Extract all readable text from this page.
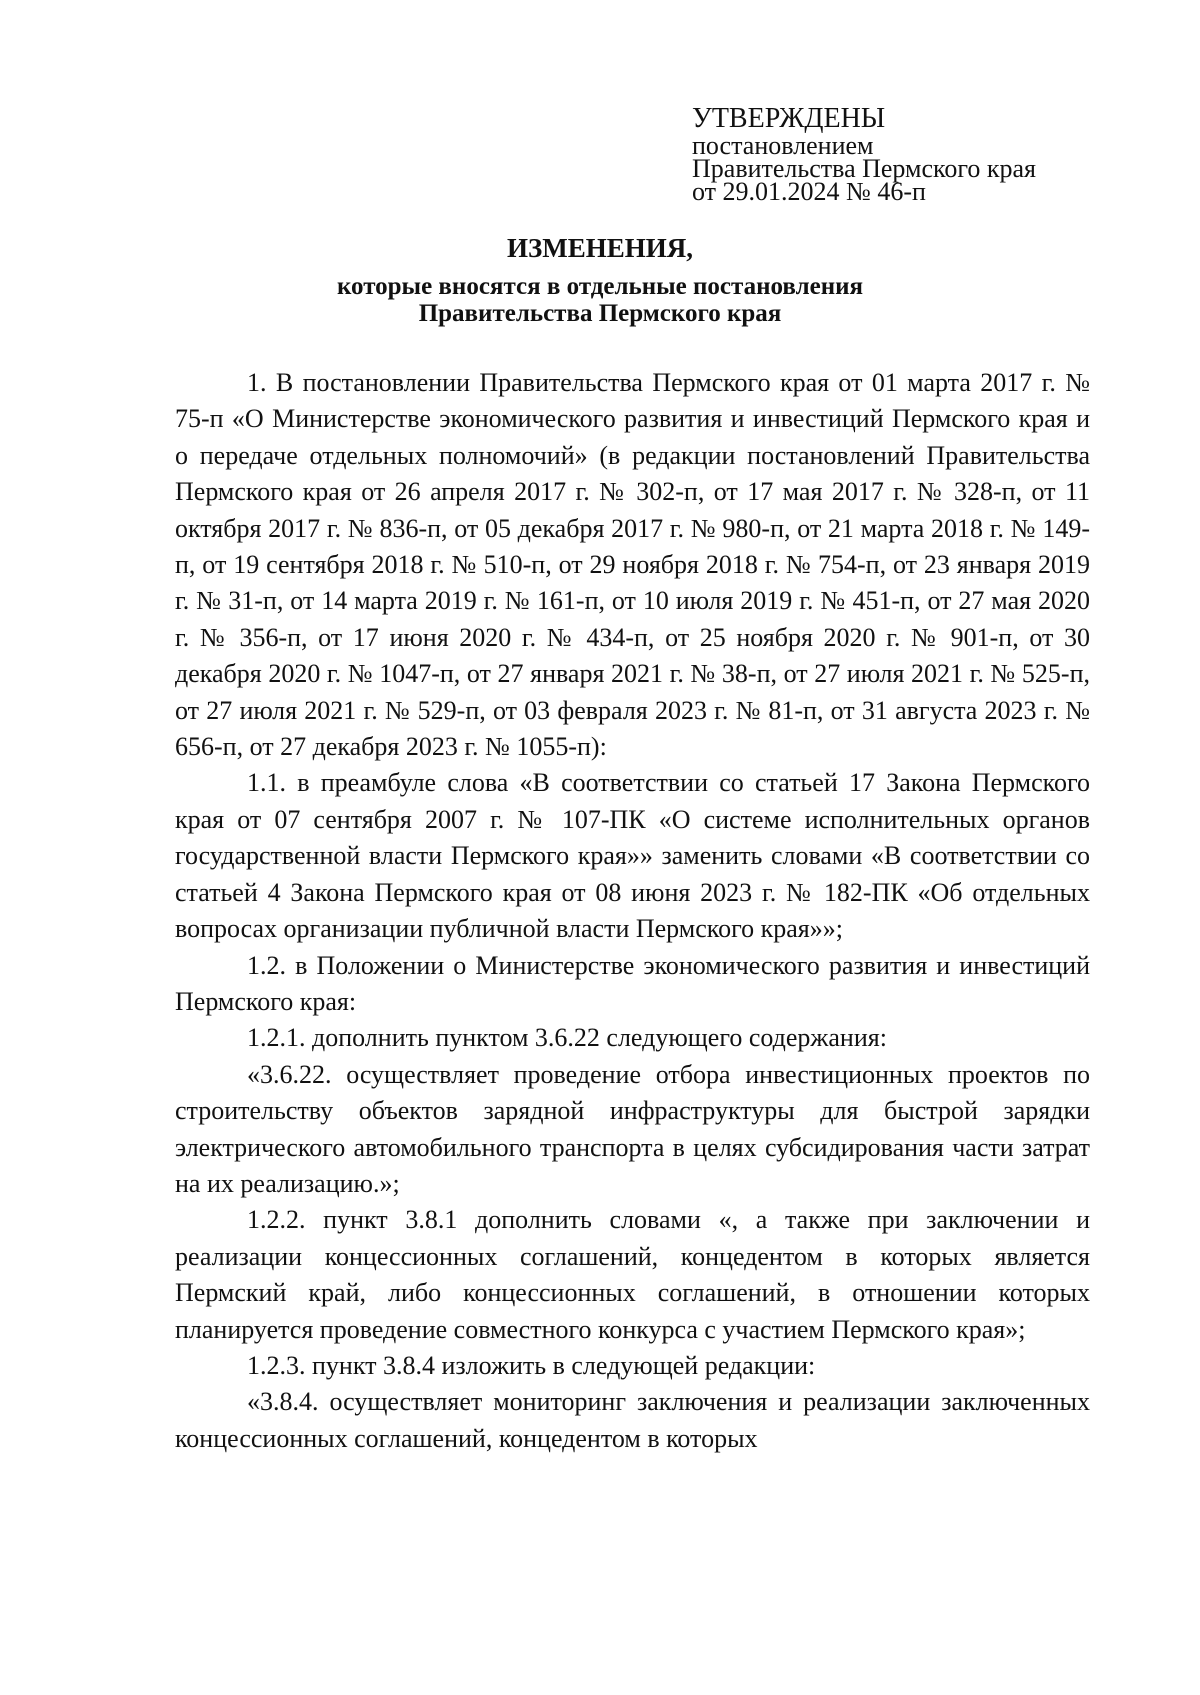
УТВЕРЖДЕНЫ
постановлением
Правительства Пермского края
от 29.01.2024 № 46-п
ИЗМЕНЕНИЯ,
которые вносятся в отдельные постановления
Правительства Пермского края

1. В постановлении Правительства Пермского края от 01 марта 2017 г. № 75-п «О Министерстве экономического развития и инвестиций Пермского края и о передаче отдельных полномочий» (в редакции постановлений Правительства Пермского края от 26 апреля 2017 г. № 302-п, от 17 мая 2017 г. № 328-п, от 11 октября 2017 г. № 836-п, от 05 декабря 2017 г. № 980-п, от 21 марта 2018 г. № 149-п, от 19 сентября 2018 г. № 510-п, от 29 ноября 2018 г. № 754-п, от 23 января 2019 г. № 31-п, от 14 марта 2019 г. № 161-п, от 10 июля 2019 г. № 451-п, от 27 мая 2020 г. № 356-п, от 17 июня 2020 г. № 434-п, от 25 ноября 2020 г. № 901-п, от 30 декабря 2020 г. № 1047-п, от 27 января 2021 г. № 38-п, от 27 июля 2021 г. № 525-п, от 27 июля 2021 г. № 529-п, от 03 февраля 2023 г. № 81-п, от 31 августа 2023 г. № 656-п, от 27 декабря 2023 г. № 1055-п):

1.1. в преамбуле слова «В соответствии со статьей 17 Закона Пермского края от 07 сентября 2007 г. № 107-ПК «О системе исполнительных органов государственной власти Пермского края»» заменить словами «В соответствии со статьей 4 Закона Пермского края от 08 июня 2023 г. № 182-ПК «Об отдельных вопросах организации публичной власти Пермского края»»;

1.2. в Положении о Министерстве экономического развития и инвестиций Пермского края:

1.2.1. дополнить пунктом 3.6.22 следующего содержания:

«3.6.22. осуществляет проведение отбора инвестиционных проектов по строительству объектов зарядной инфраструктуры для быстрой зарядки электрического автомобильного транспорта в целях субсидирования части затрат на их реализацию.»;

1.2.2. пункт 3.8.1 дополнить словами «, а также при заключении и реализации концессионных соглашений, концедентом в которых является Пермский край, либо концессионных соглашений, в отношении которых планируется проведение совместного конкурса с участием Пермского края»;

1.2.3. пункт 3.8.4 изложить в следующей редакции:

«3.8.4. осуществляет мониторинг заключения и реализации заключенных концессионных соглашений, концедентом в которых
